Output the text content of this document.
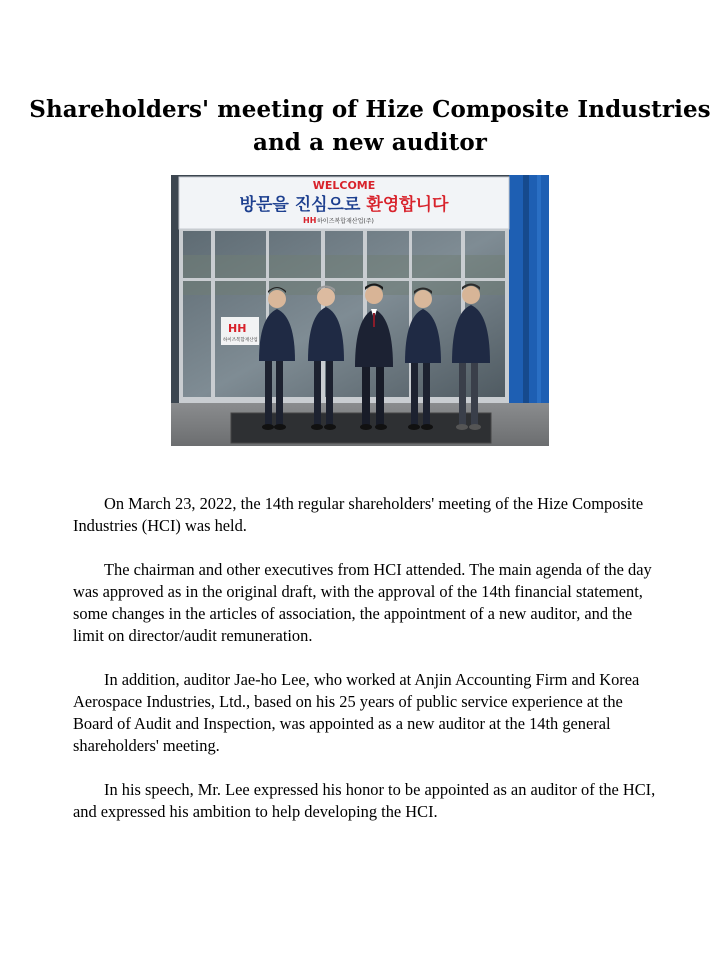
Shareholders' meeting of Hize Composite Industries
and a new auditor
HH
하이즈복합재산업
WELCOME
방문을 진심으로 환영합니다
HH 하이즈복합재산업(주)

On March 23, 2022, the 14th regular shareholders' meeting of the Hize Composite Industries (HCI) was held.

The chairman and other executives from HCI attended. The main agenda of the day was approved as in the original draft, with the approval of the 14th financial statement, some changes in the articles of association, the appointment of a new auditor, and the limit on director/audit remuneration.

In addition, auditor Jae-ho Lee, who worked at Anjin Accounting Firm and Korea Aerospace Industries, Ltd., based on his 25 years of public service experience at the Board of Audit and Inspection, was appointed as a new auditor at the 14th general shareholders' meeting.

In his speech, Mr. Lee expressed his honor to be appointed as an auditor of the HCI, and expressed his ambition to help developing the HCI.
